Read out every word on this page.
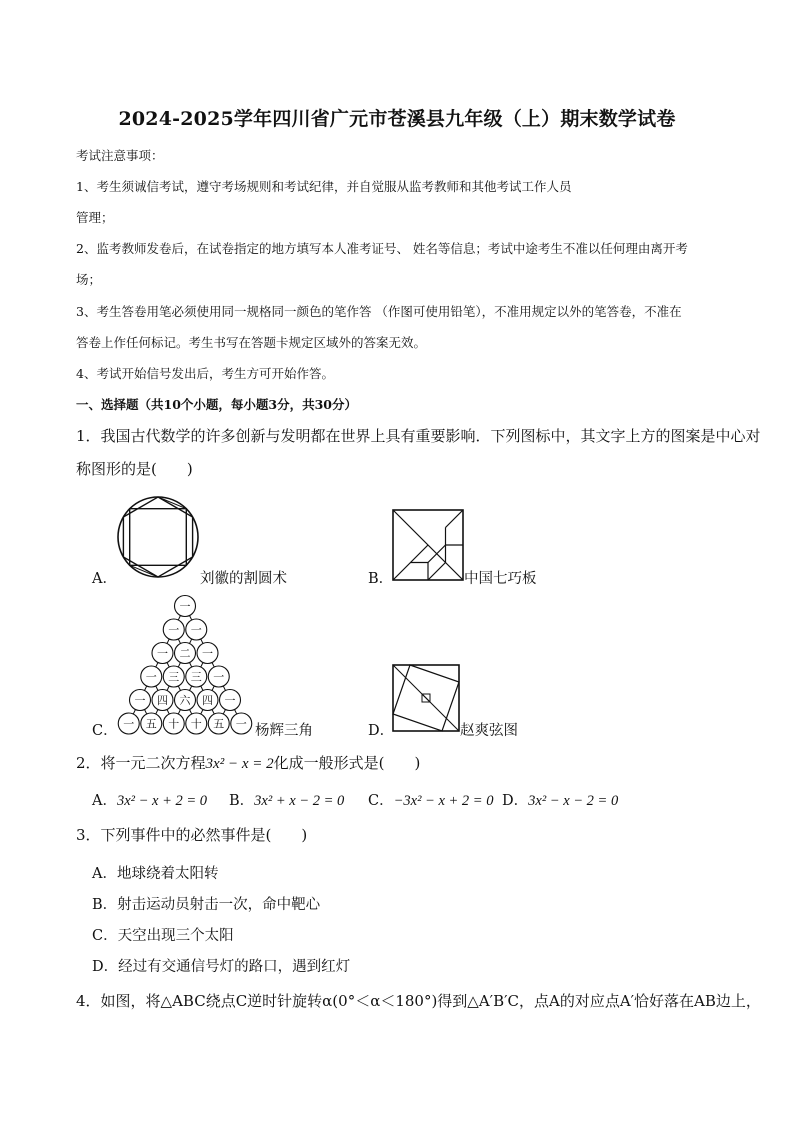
2024-2025学年四川省广元市苍溪县九年级（上）期末数学试卷
考试注意事项：
1、考生须诚信考试，遵守考场规则和考试纪律，并自觉服从监考教师和其他考试工作人员
管理；
2、监考教师发卷后，在试卷指定的地方填写本人准考证号、 姓名等信息；考试中途考生不准以任何理由离开考
场；
3、考生答卷用笔必须使用同一规格同一颜色的笔作答 （作图可使用铅笔），不准用规定以外的笔答卷，不准在
答卷上作任何标记。考生书写在答题卡规定区域外的答案无效。
4、考试开始信号发出后，考生方可开始作答。
一、选择题（共10个小题，每小题3分，共30分）
1．我国古代数学的许多创新与发明都在世界上具有重要影响．下列图标中，其文字上方的图案是中心对
称图形的是(　　)
A．	刘徽的割圆术	B．	中国七巧板
C．
一
一 一
一 二 一
一 三 三 一
一 四 六 四 一
一 五 十 十 五 一 杨辉三角	D．	赵爽弦图
2．将一元二次方程3x² − x = 2化成一般形式是(　　)
A．3x² − x + 2 = 0 B．3x² + x − 2 = 0 C．−3x² − x + 2 = 0 D．3x² − x − 2 = 0
3．下列事件中的必然事件是(　　)
A．地球绕着太阳转
B．射击运动员射击一次，命中靶心
C．天空出现三个太阳
D．经过有交通信号灯的路口，遇到红灯
4．如图，将△ABC绕点C逆时针旋转α(0°＜α＜180°)得到△A′B′C，点A的对应点A′恰好落在AB边上，
